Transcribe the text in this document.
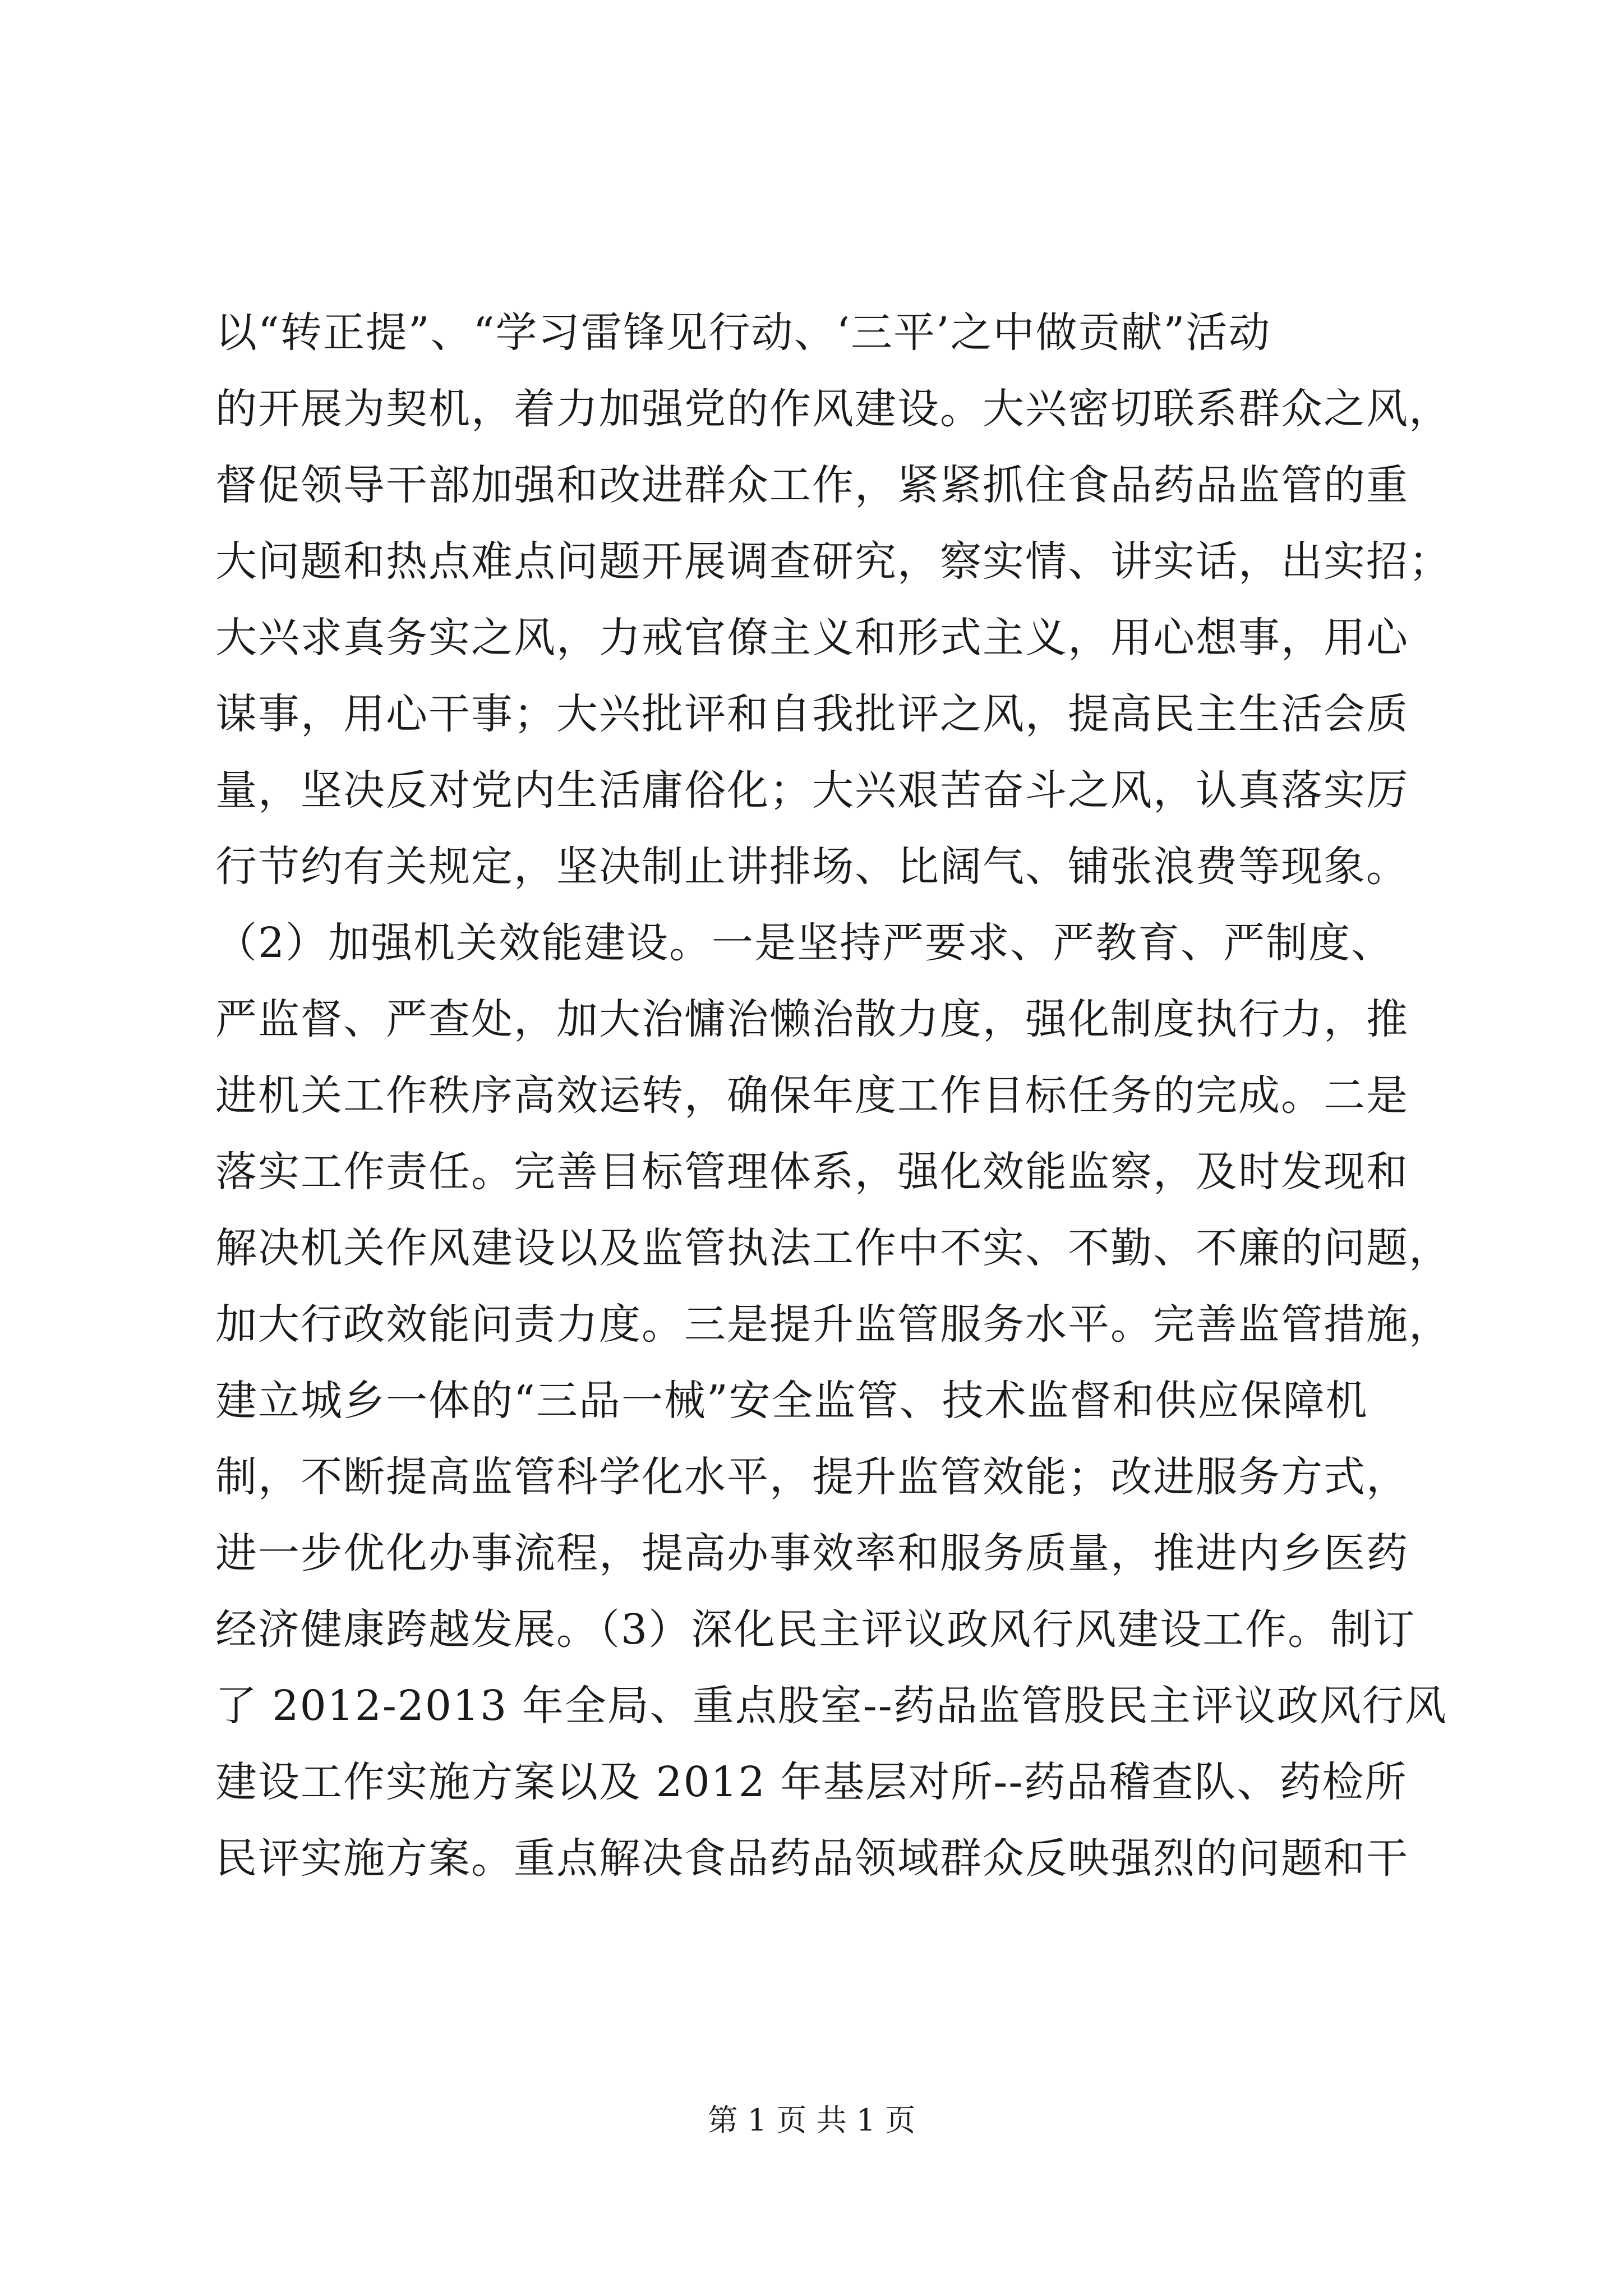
以“转正提”、“学习雷锋见行动、‘三平’之中做贡献”活动
的开展为契机，着力加强党的作风建设。大兴密切联系群众之风，
督促领导干部加强和改进群众工作，紧紧抓住食品药品监管的重
大问题和热点难点问题开展调查研究，察实情、讲实话，出实招；
大兴求真务实之风，力戒官僚主义和形式主义，用心想事，用心
谋事，用心干事；大兴批评和自我批评之风，提高民主生活会质
量，坚决反对党内生活庸俗化；大兴艰苦奋斗之风，认真落实厉
行节约有关规定，坚决制止讲排场、比阔气、铺张浪费等现象。
（2）加强机关效能建设。一是坚持严要求、严教育、严制度、
严监督、严查处，加大治慵治懒治散力度，强化制度执行力，推
进机关工作秩序高效运转，确保年度工作目标任务的完成。二是
落实工作责任。完善目标管理体系，强化效能监察，及时发现和
解决机关作风建设以及监管执法工作中不实、不勤、不廉的问题，
加大行政效能问责力度。三是提升监管服务水平。完善监管措施，
建立城乡一体的“三品一械”安全监管、技术监督和供应保障机
制，不断提高监管科学化水平，提升监管效能；改进服务方式，
进一步优化办事流程，提高办事效率和服务质量，推进内乡医药
经济健康跨越发展。（3）深化民主评议政风行风建设工作。制订
了 2012-2013 年全局、重点股室--药品监管股民主评议政风行风
建设工作实施方案以及 2012 年基层对所--药品稽查队、药检所
民评实施方案。重点解决食品药品领域群众反映强烈的问题和干
第 1 页 共 1 页
